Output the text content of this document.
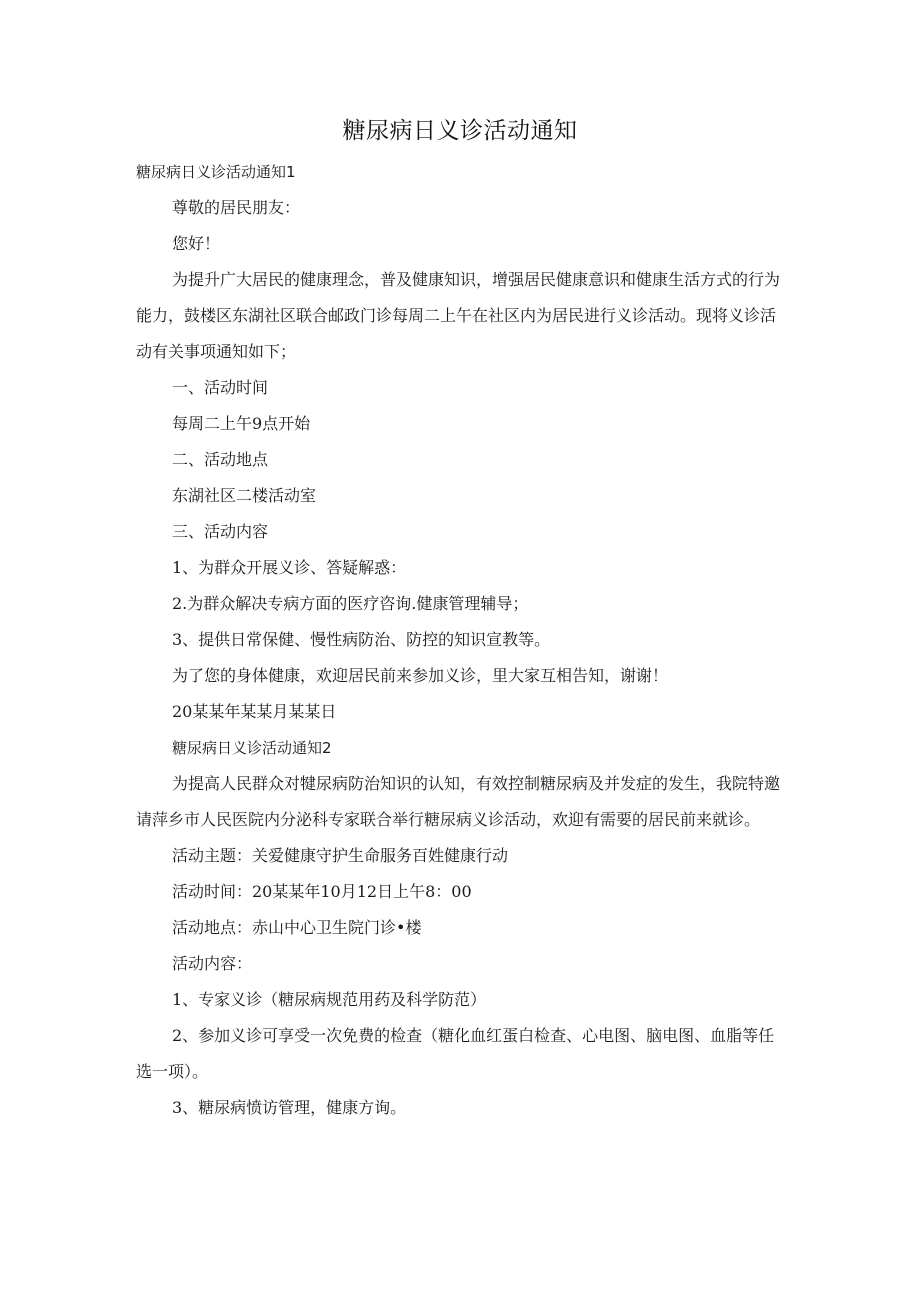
糖尿病日义诊活动通知

糖尿病日义诊活动通知1

尊敬的居民朋友：

您好！

为提升广大居民的健康理念，普及健康知识，增强居民健康意识和健康生活方式的行为能力，鼓楼区东湖社区联合邮政门诊每周二上午在社区内为居民进行义诊活动。现将义诊活动有关事项通知如下；

一、活动时间

每周二上午9点开始

二、活动地点

东湖社区二楼活动室

三、活动内容

1、为群众开展义诊、答疑解惑：

2.为群众解决专病方面的医疗咨询.健康管理辅导；

3、提供日常保健、慢性病防治、防控的知识宣教等。

为了您的身体健康，欢迎居民前来参加义诊，里大家互相告知，谢谢！

20某某年某某月某某日

糖尿病日义诊活动通知2

为提高人民群众对犍尿病防治知识的认知，有效控制糖尿病及并发症的发生，我院特邀请萍乡市人民医院内分泌科专家联合举行糖尿病义诊活动，欢迎有需要的居民前来就诊。

活动主题：关爱健康守护生命服务百姓健康行动

活动时间：20某某年10月12日上午8：00

活动地点：赤山中心卫生院门诊•楼

活动内容：

1、专家义诊（糖尿病规范用药及科学防范）

2、参加义诊可享受一次免费的检查（糖化血红蛋白检查、心电图、脑电图、血脂等任选一项）。

3、糖尿病愤访管理，健康方询。
